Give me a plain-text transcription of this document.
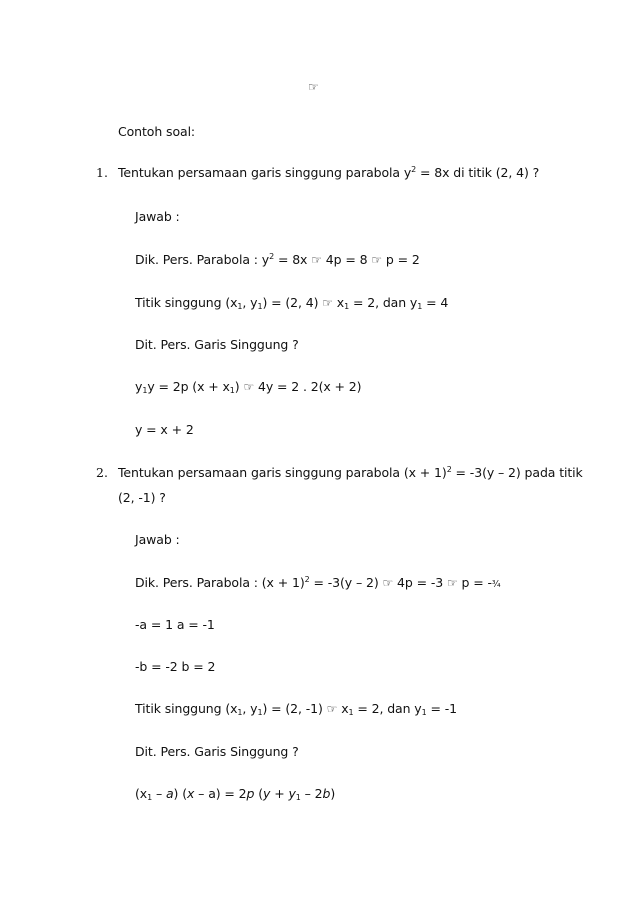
☞
Contoh soal:
1. Tentukan persamaan garis singgung parabola $y^2 = 8x$ di titik (2, 4) ?
Jawab :
Dik. Pers. Parabola : $y^2 = 8x$ ☞ 4p = 8 ☞ p = 2
Titik singgung ($x_1$, $y_1) = (2$, 4) ☞ $x_1 = 2$, dan $y_1 = 4$
Dit. Pers. Garis Singgung ?
$y_1y = 2p$ $(x + x_1)$ ☞ 4y = 2 . 2(x + 2)
y = x + 2
2. Tentukan persamaan garis singgung parabola $(x + 1)^2 = -3(y - 2)$ pada titik
(2, -1) ?
Jawab :
Dik. Pers. Parabola : $(x + 1)^2 = -3(y - 2)$ ☞ 4p = -3 ☞ p = -¾
-a = 1 a = -1
-b = -2 b = 2
Titik singgung ($x_1$, $y_1) = (2$, -1) ☞ $x_1 = 2$, dan $y_1 = -1$
Dit. Pers. Garis Singgung ?
$(x_1 - a)$ (x – a) = 2p $(y + y_1 - 2b)$
